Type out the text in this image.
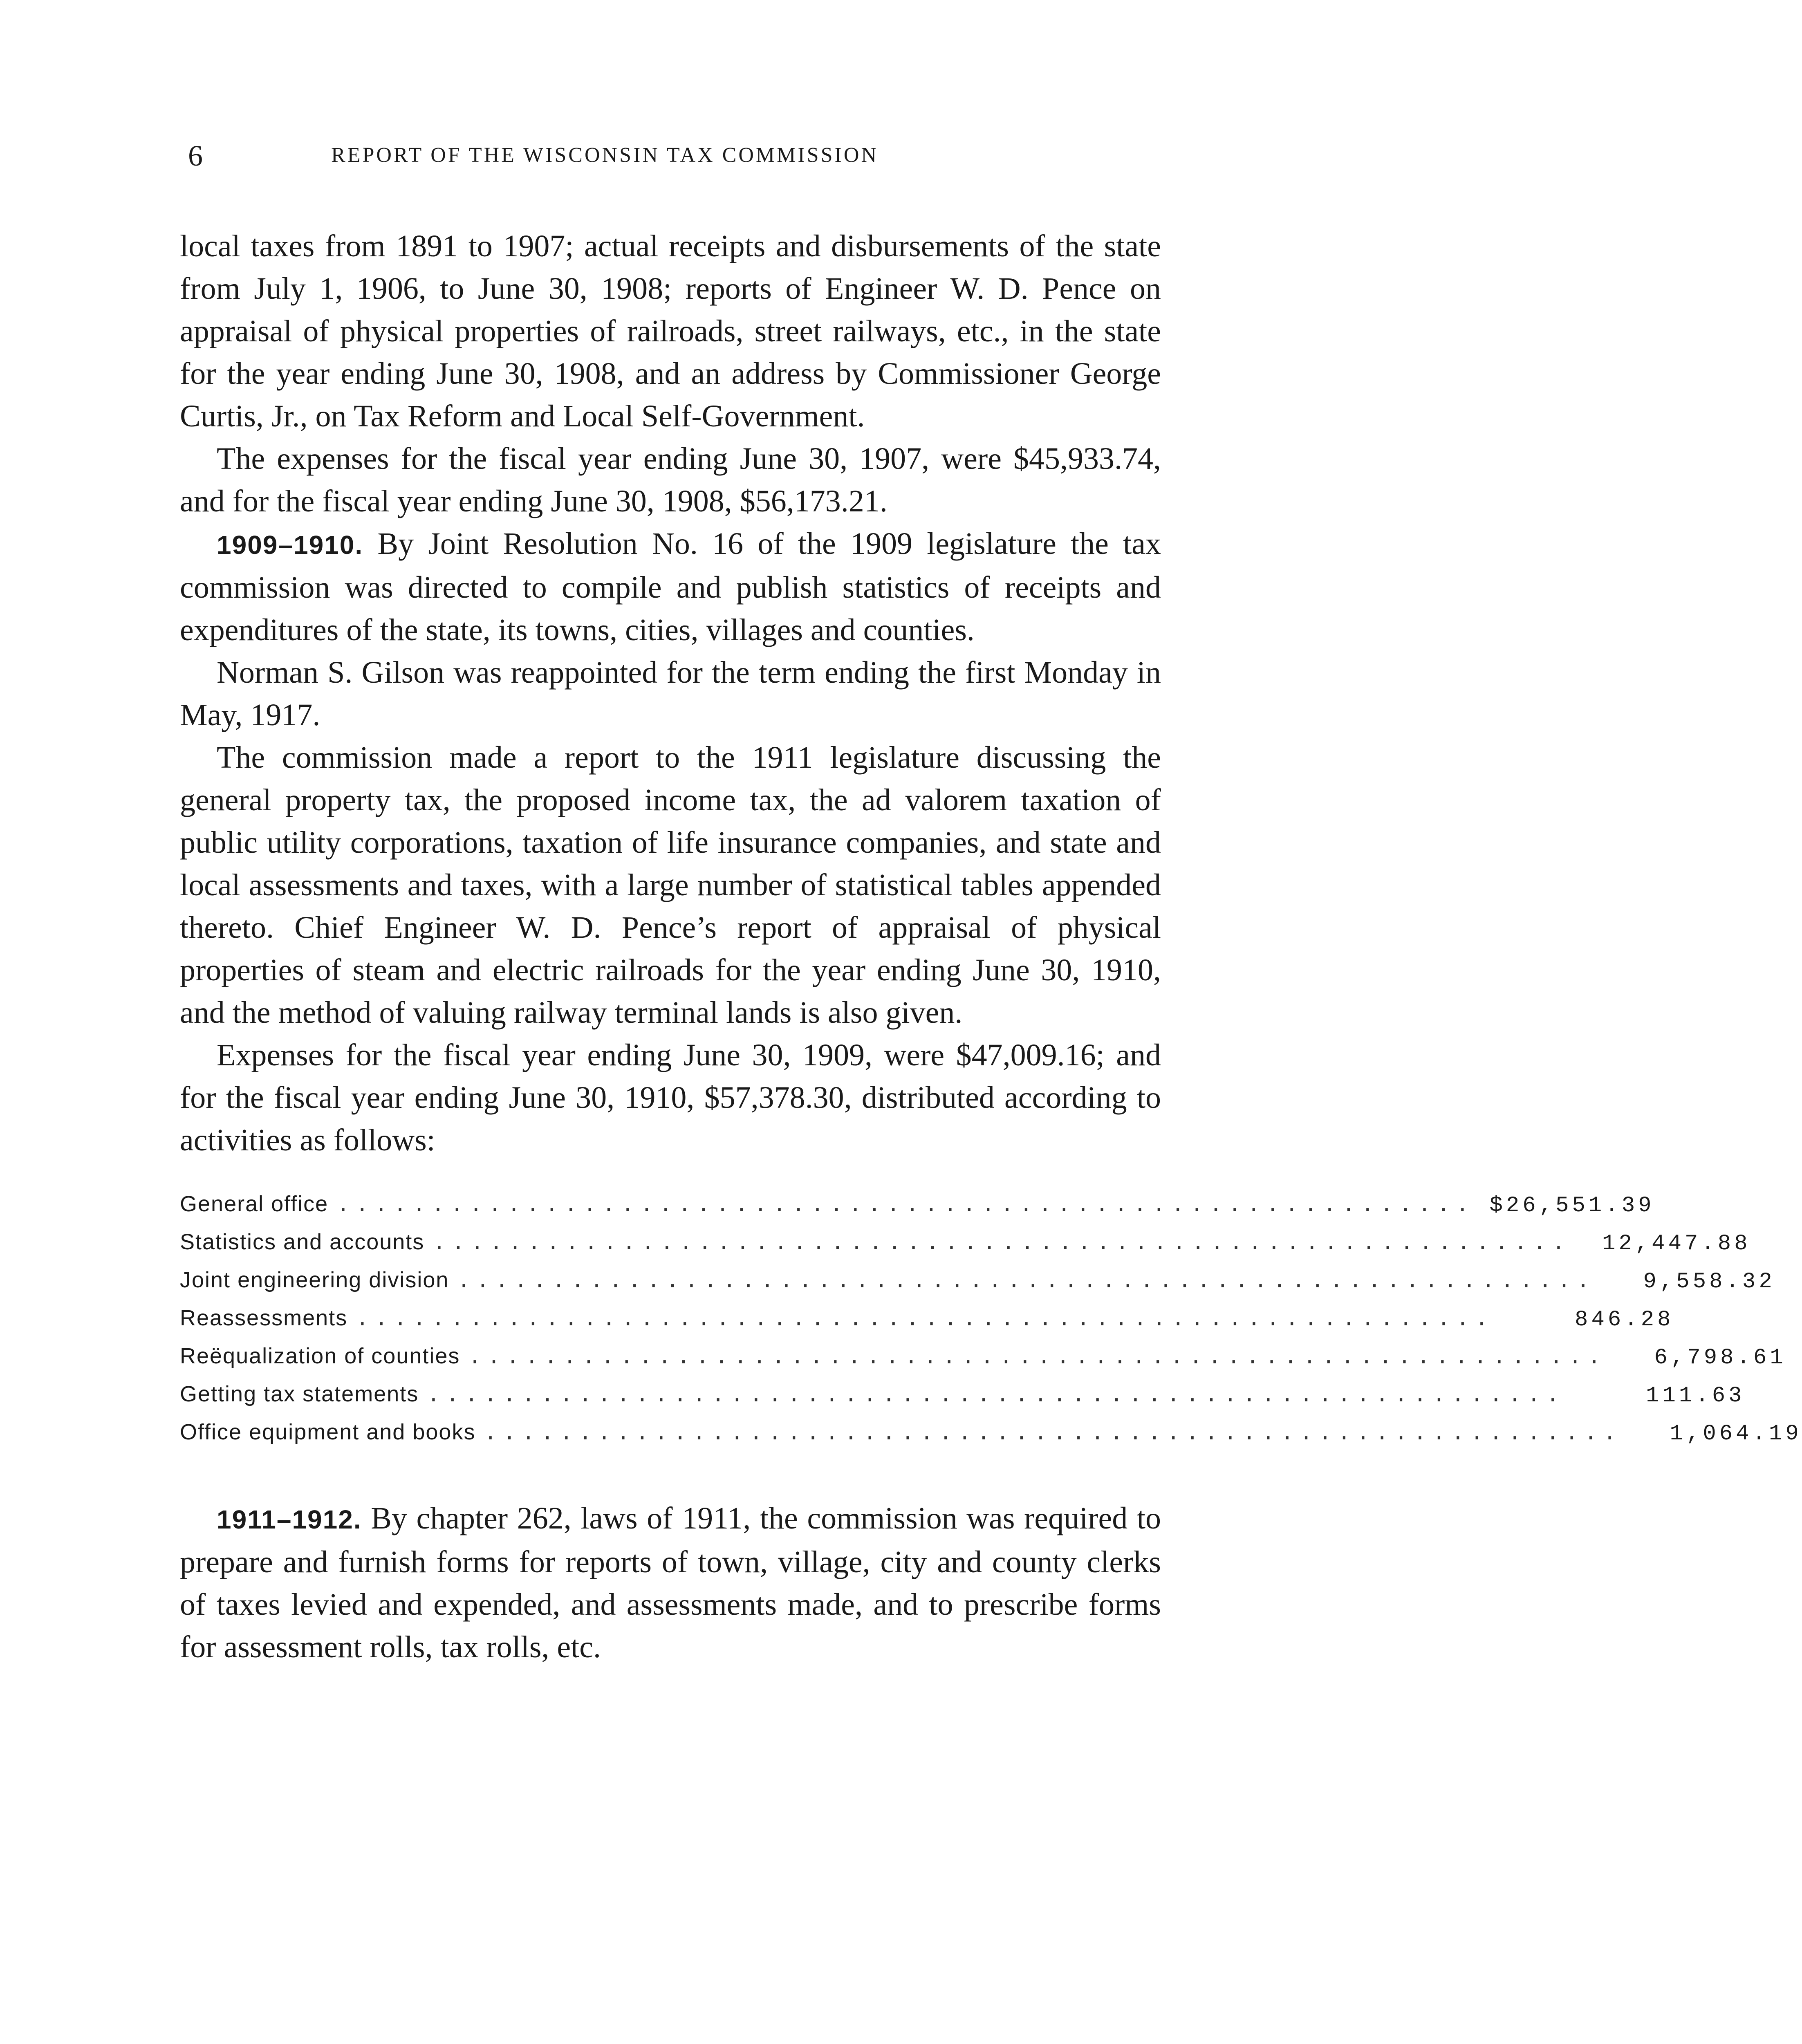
6	REPORT OF THE WISCONSIN TAX COMMISSION

local taxes from 1891 to 1907; actual receipts and disbursements of the state from July 1, 1906, to June 30, 1908; reports of Engineer W. D. Pence on appraisal of physical properties of railroads, street railways, etc., in the state for the year ending June 30, 1908, and an address by Commissioner George Curtis, Jr., on Tax Reform and Local Self-Government.

The expenses for the fiscal year ending June 30, 1907, were $45,933.74, and for the fiscal year ending June 30, 1908, $56,173.21.

1909–1910. By Joint Resolution No. 16 of the 1909 legislature the tax commission was directed to compile and publish statistics of receipts and expenditures of the state, its towns, cities, villages and counties.

Norman S. Gilson was reappointed for the term ending the first Monday in May, 1917.

The commission made a report to the 1911 legislature discussing the general property tax, the proposed income tax, the ad valorem taxation of public utility corporations, taxation of life insurance companies, and state and local assessments and taxes, with a large number of statistical tables appended thereto. Chief Engineer W. D. Pence’s report of appraisal of physical properties of steam and electric railroads for the year ending June 30, 1910, and the method of valuing railway terminal lands is also given.

Expenses for the fiscal year ending June 30, 1909, were $47,009.16; and for the fiscal year ending June 30, 1910, $57,378.30, distributed according to activities as follows:

General office ............................................................ $26,551.39
Statistics and accounts ............................................................	12,447.88
Joint engineering division ............................................................	9,558.32
Reassessments ............................................................	846.28
Reëqualization of counties ............................................................	6,798.61
Getting tax statements ............................................................	111.63
Office equipment and books ............................................................	1,064.19

1911–1912. By chapter 262, laws of 1911, the commission was required to prepare and furnish forms for reports of town, village, city and county clerks of taxes levied and expended, and assessments made, and to prescribe forms for assessment rolls, tax rolls, etc.
